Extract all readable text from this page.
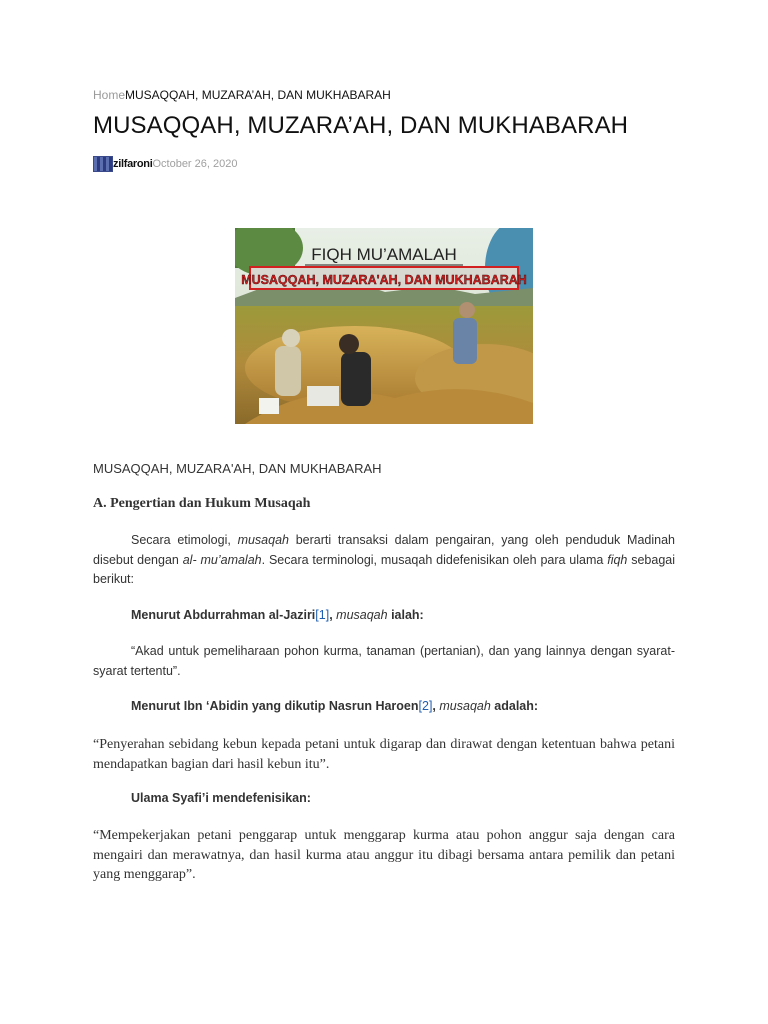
HomeMUSAQQAH, MUZARA’AH, DAN MUKHABARAH
MUSAQQAH, MUZARA’AH, DAN MUKHABARAH
zilfaroni October 26, 2020
FIQH MU’AMALAH
MUSAQQAH, MUZARA'AH, DAN MUKHABARAH
MUSAQQAH, MUZARA'AH, DAN MUKHABARAH
A. Pengertian dan Hukum Musaqah

Secara etimologi, musaqah berarti transaksi dalam pengairan, yang oleh penduduk Madinah disebut dengan al- mu’amalah. Secara terminologi, musaqah didefenisikan oleh para ulama fiqh sebagai berikut:

Menurut Abdurrahman al-Jaziri[1], musaqah ialah:

“Akad untuk pemeliharaan pohon kurma, tanaman (pertanian), dan yang lainnya dengan syarat-syarat tertentu”.

Menurut Ibn ‘Abidin yang dikutip Nasrun Haroen[2], musaqah adalah:

“Penyerahan sebidang kebun kepada petani untuk digarap dan dirawat dengan ketentuan bahwa petani mendapatkan bagian dari hasil kebun itu”.

Ulama Syafi’i mendefenisikan:

“Mempekerjakan petani penggarap untuk menggarap kurma atau pohon anggur saja dengan cara mengairi dan merawatnya, dan hasil kurma atau anggur itu dibagi bersama antara pemilik dan petani yang menggarap”.
